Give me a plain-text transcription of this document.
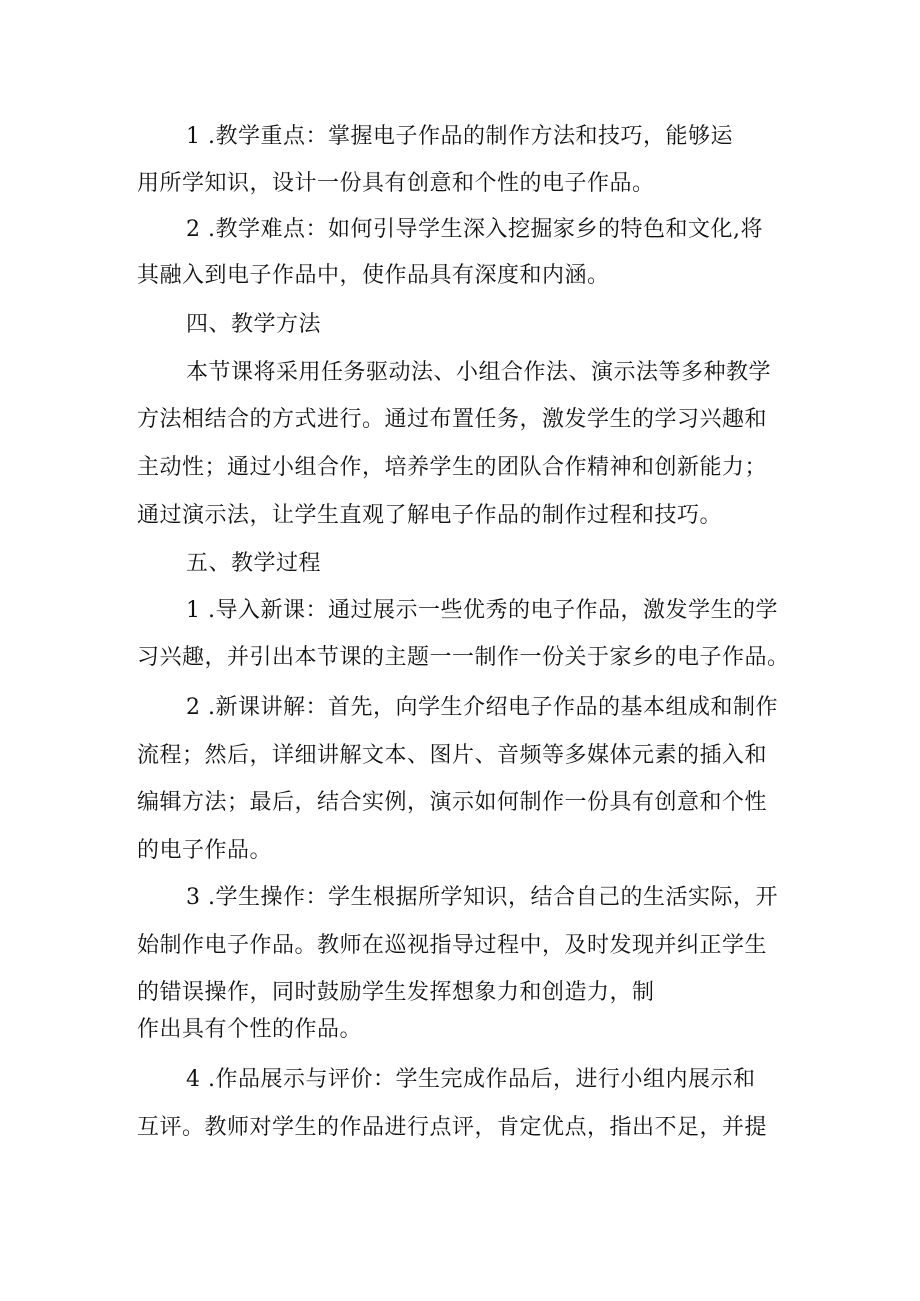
1 .教学重点：掌握电子作品的制作方法和技巧，能够运
用所学知识，设计一份具有创意和个性的电子作品。
2 .教学难点：如何引导学生深入挖掘家乡的特色和文化,将
其融入到电子作品中，使作品具有深度和内涵。
四、教学方法
本节课将采用任务驱动法、小组合作法、演示法等多种教学
方法相结合的方式进行。通过布置任务，激发学生的学习兴趣和
主动性；通过小组合作，培养学生的团队合作精神和创新能力；
通过演示法，让学生直观了解电子作品的制作过程和技巧。
五、教学过程
1 .导入新课：通过展示一些优秀的电子作品，激发学生的学
习兴趣，并引出本节课的主题一一制作一份关于家乡的电子作品。
2 .新课讲解：首先，向学生介绍电子作品的基本组成和制作
流程；然后，详细讲解文本、图片、音频等多媒体元素的插入和
编辑方法；最后，结合实例，演示如何制作一份具有创意和个性
的电子作品。
3 .学生操作：学生根据所学知识，结合自己的生活实际，开
始制作电子作品。教师在巡视指导过程中，及时发现并纠正学生
的错误操作，同时鼓励学生发挥想象力和创造力，制
作出具有个性的作品。
4 .作品展示与评价：学生完成作品后，进行小组内展示和
互评。教师对学生的作品进行点评，肯定优点，指出不足，并提
